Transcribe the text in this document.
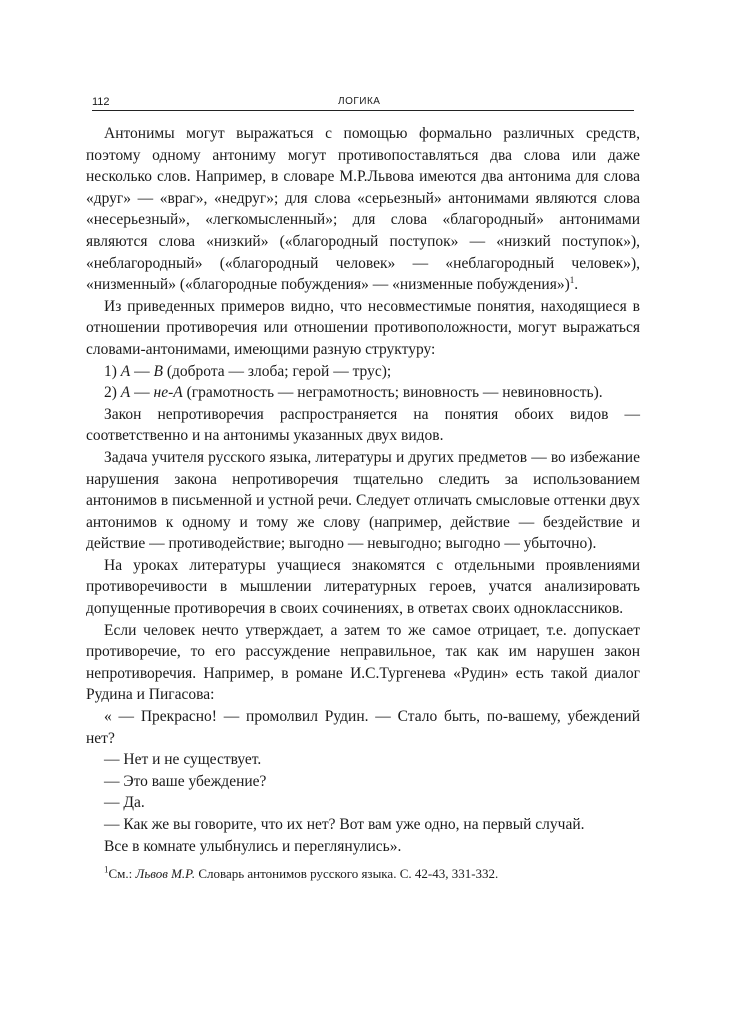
112	ЛОГИКА

Антонимы могут выражаться с помощью формально различных средств, поэтому одному антониму могут противопоставляться два слова или даже несколько слов. Например, в словаре М.Р.Львова имеются два антонима для слова «друг» — «враг», «недруг»; для слова «серьезный» антонимами являются слова «несерьезный», «легкомысленный»; для слова «благородный» антонимами являются слова «низкий» («благородный поступок» — «низкий поступок»), «неблагородный» («благородный человек» — «неблагородный человек»), «низменный» («благородные побуждения» — «низменные побуждения»)$^1$.

Из приведенных примеров видно, что несовместимые понятия, находящиеся в отношении противоречия или отношении противоположности, могут выражаться словами-антонимами, имеющими разную структуру:

1) А — В (доброта — злоба; герой — трус);

2) А — не-А (грамотность — неграмотность; виновность — невиновность).

Закон непротиворечия распространяется на понятия обоих видов — соответственно и на антонимы указанных двух видов.

Задача учителя русского языка, литературы и других предметов — во избежание нарушения закона непротиворечия тщательно следить за использованием антонимов в письменной и устной речи. Следует отличать смысловые оттенки двух антонимов к одному и тому же слову (например, действие — бездействие и действие — противодействие; выгодно — невыгодно; выгодно — убыточно).

На уроках литературы учащиеся знакомятся с отдельными проявлениями противоречивости в мышлении литературных героев, учатся анализировать допущенные противоречия в своих сочинениях, в ответах своих одноклассников.

Если человек нечто утверждает, а затем то же самое отрицает, т.е. допускает противоречие, то его рассуждение неправильное, так как им нарушен закон непротиворечия. Например, в романе И.С.Тургенева «Рудин» есть такой диалог Рудина и Пигасова:

« — Прекрасно! — промолвил Рудин. — Стало быть, по-вашему, убеждений нет?

— Нет и не существует.

— Это ваше убеждение?

— Да.

— Как же вы говорите, что их нет? Вот вам уже одно, на первый случай.

Все в комнате улыбнулись и переглянулись».

$^1$См.: Львов М.Р. Словарь антонимов русского языка. С. 42-43, 331-332.
